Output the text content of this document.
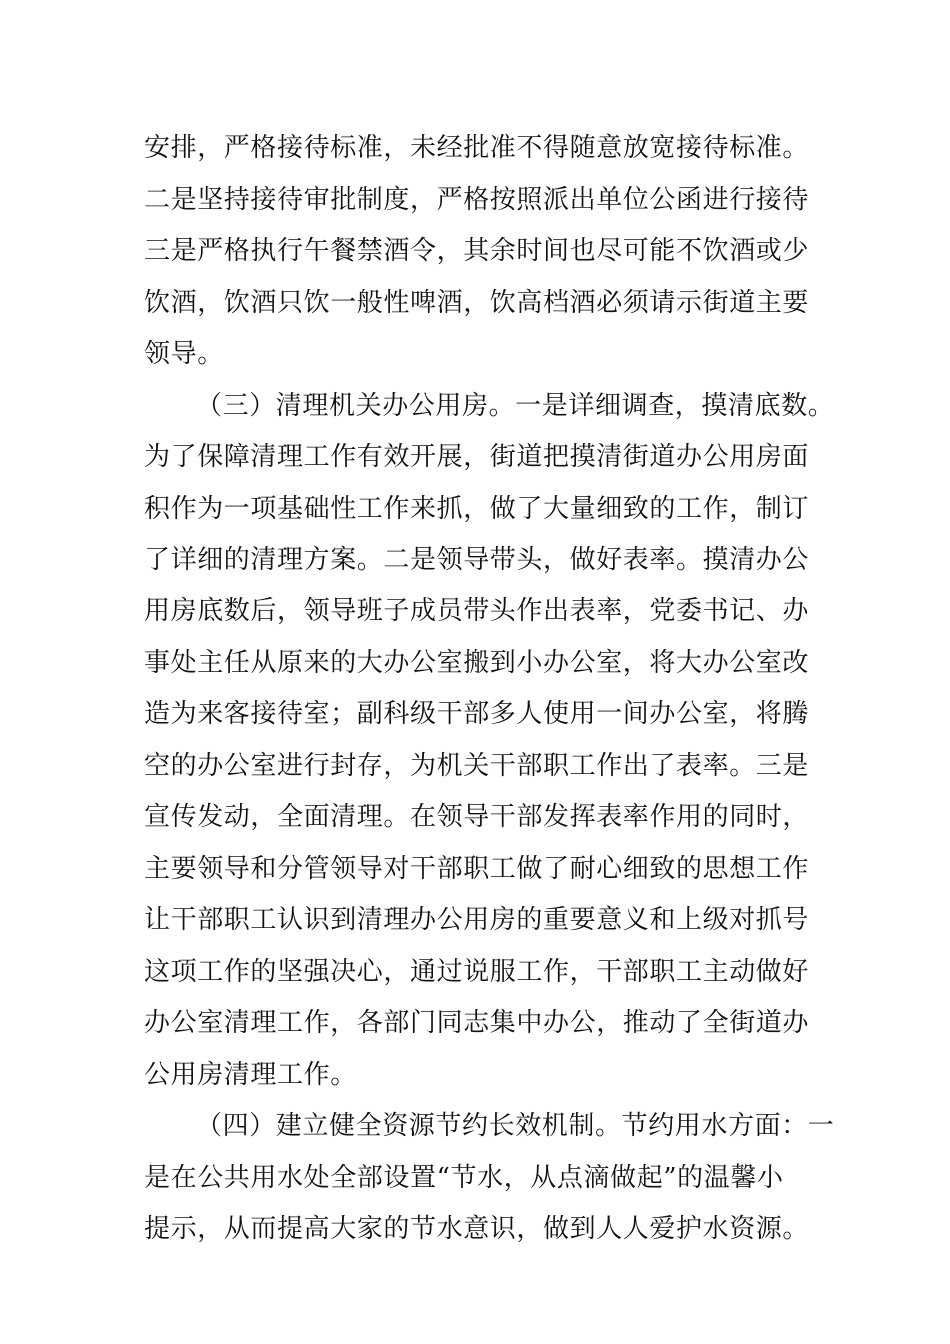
安排，严格接待标准，未经批准不得随意放宽接待标准。
二是坚持接待审批制度，严格按照派出单位公函进行接待
三是严格执行午餐禁酒令，其余时间也尽可能不饮酒或少
饮酒，饮酒只饮一般性啤酒，饮高档酒必须请示街道主要
领导。
（三）清理机关办公用房。一是详细调查，摸清底数。
为了保障清理工作有效开展，街道把摸清街道办公用房面
积作为一项基础性工作来抓，做了大量细致的工作，制订
了详细的清理方案。二是领导带头，做好表率。摸清办公
用房底数后，领导班子成员带头作出表率，党委书记、办
事处主任从原来的大办公室搬到小办公室，将大办公室改
造为来客接待室；副科级干部多人使用一间办公室，将腾
空的办公室进行封存，为机关干部职工作出了表率。三是
宣传发动，全面清理。在领导干部发挥表率作用的同时，
主要领导和分管领导对干部职工做了耐心细致的思想工作
让干部职工认识到清理办公用房的重要意义和上级对抓号
这项工作的坚强决心，通过说服工作，干部职工主动做好
办公室清理工作，各部门同志集中办公，推动了全街道办
公用房清理工作。
（四）建立健全资源节约长效机制。节约用水方面：一
是在公共用水处全部设置“节水，从点滴做起”的温馨小
提示，从而提高大家的节水意识，做到人人爱护水资源。
